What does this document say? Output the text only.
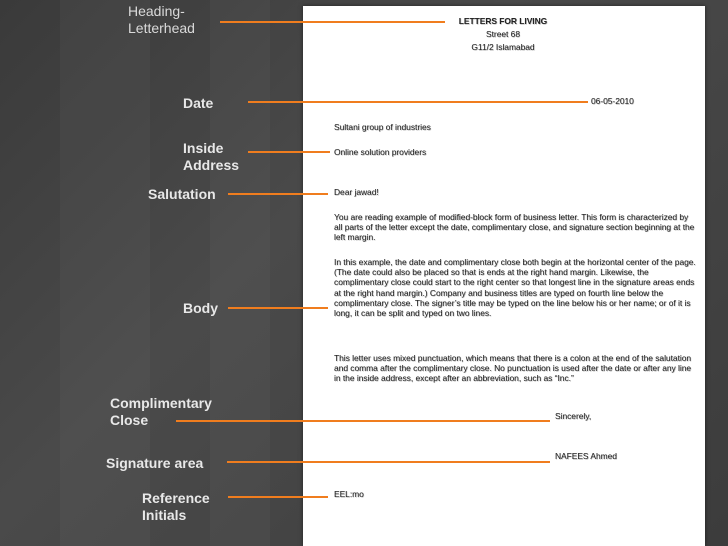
LETTERS FOR LIVING
Street 68
G11/2 Islamabad
06-05-2010
Sultani group of industries
Online solution providers
Dear jawad!
You are reading example of modified-block form of business letter. This form is characterized by all parts of the letter except the date, complimentary close, and signature section beginning at the left margin.
In this example, the date and complimentary close both begin at the horizontal center of the page. (The date could also be placed so that is ends at the right hand margin. Likewise, the complimentary close could start to the right center so that longest line in the signature areas ends at the right hand margin.) Company and business titles are typed on fourth line below the complimentary close. The signer’s title may be typed on the line below his or her name; or of it is long, it can be split and typed on two lines.
This letter uses mixed punctuation, which means that there is a colon at the end of the salutation and comma after the complimentary close. No punctuation is used after the date or after any line in the inside address, except after an abbreviation, such as “Inc.”
Sincerely,
NAFEES Ahmed
EEL:mo
Heading-
Letterhead
Date
Inside
Address
Salutation
Body
Complimentary
Close
Signature area
Reference
Initials
